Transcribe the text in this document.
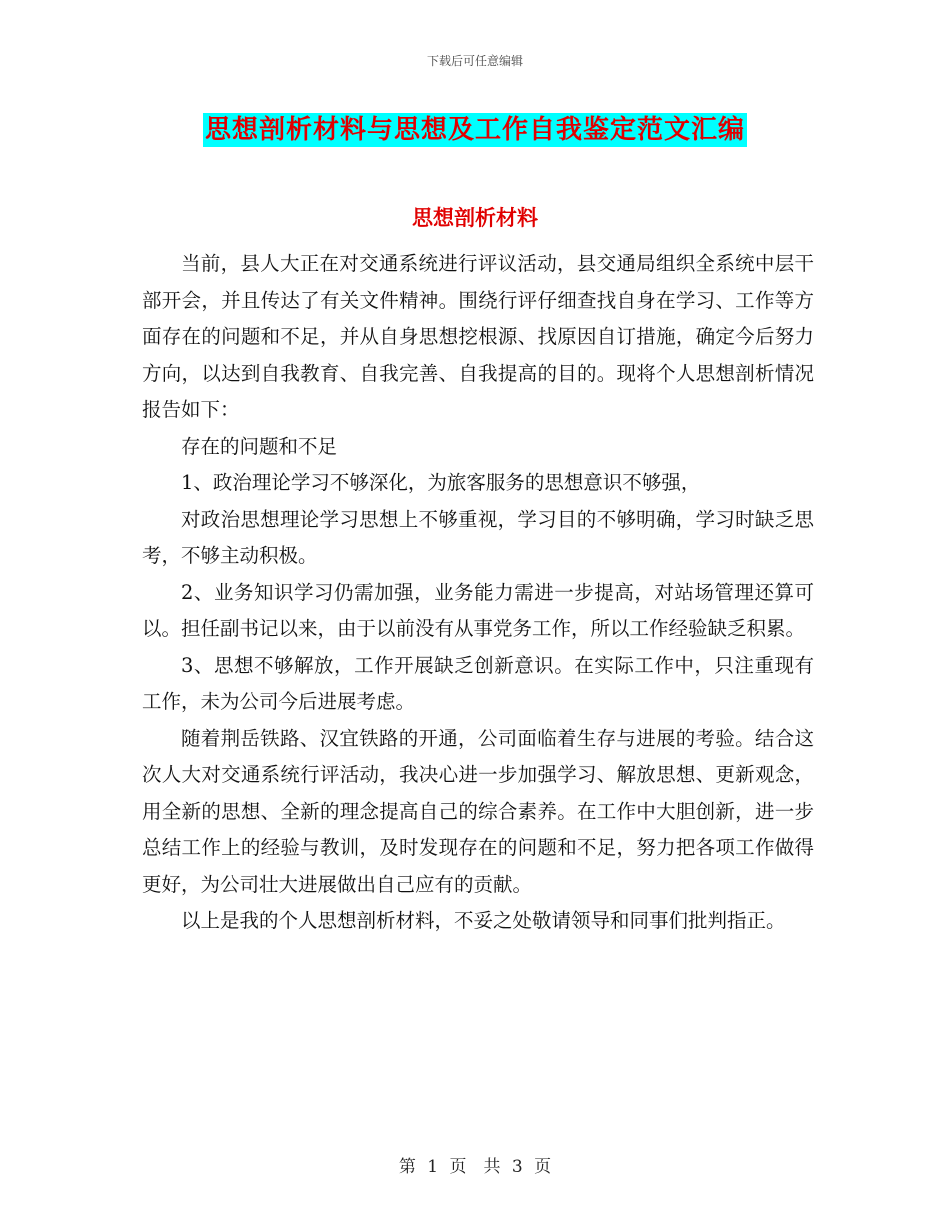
下载后可任意编辑
思想剖析材料与思想及工作自我鉴定范文汇编
思想剖析材料

当前，县人大正在对交通系统进行评议活动，县交通局组织全系统中层干部开会，并且传达了有关文件精神。围绕行评仔细查找自身在学习、工作等方面存在的问题和不足，并从自身思想挖根源、找原因自订措施，确定今后努力方向，以达到自我教育、自我完善、自我提高的目的。现将个人思想剖析情况报告如下：

存在的问题和不足

1、政治理论学习不够深化，为旅客服务的思想意识不够强，

对政治思想理论学习思想上不够重视，学习目的不够明确，学习时缺乏思考，不够主动积极。

2、业务知识学习仍需加强，业务能力需进一步提高，对站场管理还算可以。担任副书记以来，由于以前没有从事党务工作，所以工作经验缺乏积累。

3、思想不够解放，工作开展缺乏创新意识。在实际工作中，只注重现有工作，未为公司今后进展考虑。

随着荆岳铁路、汉宜铁路的开通，公司面临着生存与进展的考验。结合这次人大对交通系统行评活动，我决心进一步加强学习、解放思想、更新观念，用全新的思想、全新的理念提高自己的综合素养。在工作中大胆创新，进一步总结工作上的经验与教训，及时发现存在的问题和不足，努力把各项工作做得更好，为公司壮大进展做出自己应有的贡献。

以上是我的个人思想剖析材料，不妥之处敬请领导和同事们批判指正。

第 1 页　共 3 页
